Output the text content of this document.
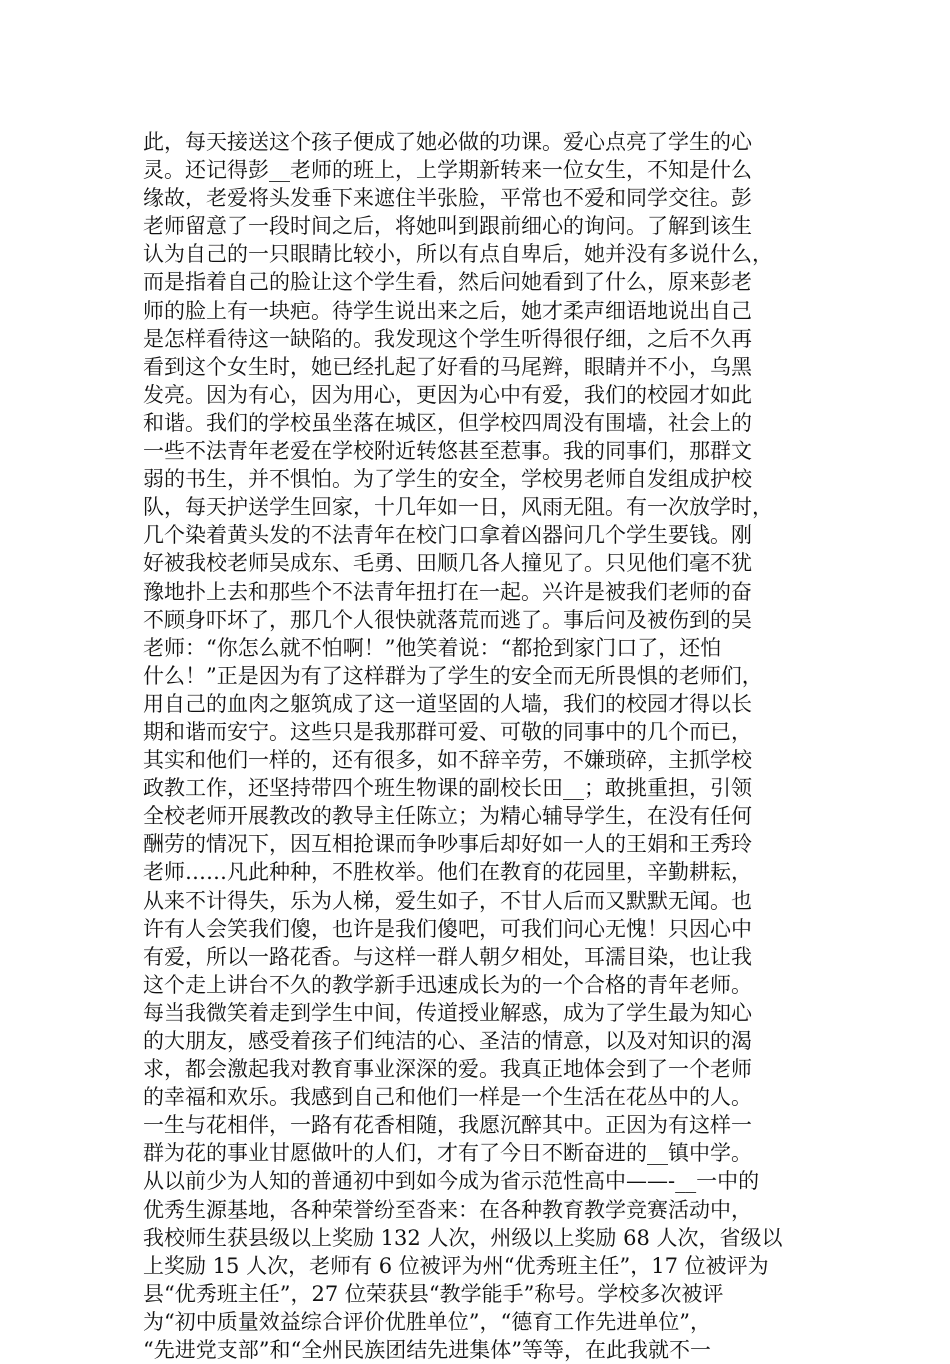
此，每天接送这个孩子便成了她必做的功课。爱心点亮了学生的心
灵。还记得彭__老师的班上，上学期新转来一位女生，不知是什么
缘故，老爱将头发垂下来遮住半张脸，平常也不爱和同学交往。彭
老师留意了一段时间之后，将她叫到跟前细心的询问。了解到该生
认为自己的一只眼睛比较小，所以有点自卑后，她并没有多说什么，
而是指着自己的脸让这个学生看，然后问她看到了什么，原来彭老
师的脸上有一块疤。待学生说出来之后，她才柔声细语地说出自己
是怎样看待这一缺陷的。我发现这个学生听得很仔细，之后不久再
看到这个女生时，她已经扎起了好看的马尾辫，眼睛并不小，乌黑
发亮。因为有心，因为用心，更因为心中有爱，我们的校园才如此
和谐。我们的学校虽坐落在城区，但学校四周没有围墙，社会上的
一些不法青年老爱在学校附近转悠甚至惹事。我的同事们，那群文
弱的书生，并不惧怕。为了学生的安全，学校男老师自发组成护校
队，每天护送学生回家，十几年如一日，风雨无阻。有一次放学时，
几个染着黄头发的不法青年在校门口拿着凶器问几个学生要钱。刚
好被我校老师吴成东、毛勇、田顺几各人撞见了。只见他们毫不犹
豫地扑上去和那些个不法青年扭打在一起。兴许是被我们老师的奋
不顾身吓坏了，那几个人很快就落荒而逃了。事后问及被伤到的吴
老师：“你怎么就不怕啊！”他笑着说：“都抢到家门口了，还怕
什么！”正是因为有了这样群为了学生的安全而无所畏惧的老师们，
用自己的血肉之躯筑成了这一道坚固的人墙，我们的校园才得以长
期和谐而安宁。这些只是我那群可爱、可敬的同事中的几个而已，
其实和他们一样的，还有很多，如不辞辛劳，不嫌琐碎，主抓学校
政教工作，还坚持带四个班生物课的副校长田__；敢挑重担，引领
全校老师开展教改的教导主任陈立；为精心辅导学生，在没有任何
酬劳的情况下，因互相抢课而争吵事后却好如一人的王娟和王秀玲
老师……凡此种种，不胜枚举。他们在教育的花园里，辛勤耕耘，
从来不计得失，乐为人梯，爱生如子，不甘人后而又默默无闻。也
许有人会笑我们傻，也许是我们傻吧，可我们问心无愧！只因心中
有爱，所以一路花香。与这样一群人朝夕相处，耳濡目染，也让我
这个走上讲台不久的教学新手迅速成长为的一个合格的青年老师。
每当我微笑着走到学生中间，传道授业解惑，成为了学生最为知心
的大朋友，感受着孩子们纯洁的心、圣洁的情意，以及对知识的渴
求，都会激起我对教育事业深深的爱。我真正地体会到了一个老师
的幸福和欢乐。我感到自己和他们一样是一个生活在花丛中的人。
一生与花相伴，一路有花香相随，我愿沉醉其中。正因为有这样一
群为花的事业甘愿做叶的人们，才有了今日不断奋进的__镇中学。
从以前少为人知的普通初中到如今成为省示范性高中——-__一中的
优秀生源基地，各种荣誉纷至沓来：在各种教育教学竞赛活动中，
我校师生获县级以上奖励 132 人次，州级以上奖励 68 人次，省级以
上奖励 15 人次，老师有 6 位被评为州“优秀班主任”，17 位被评为
县“优秀班主任”，27 位荣获县“教学能手”称号。学校多次被评
为“初中质量效益综合评价优胜单位”，“德育工作先进单位”，
“先进党支部”和“全州民族团结先进集体”等等，在此我就不一
